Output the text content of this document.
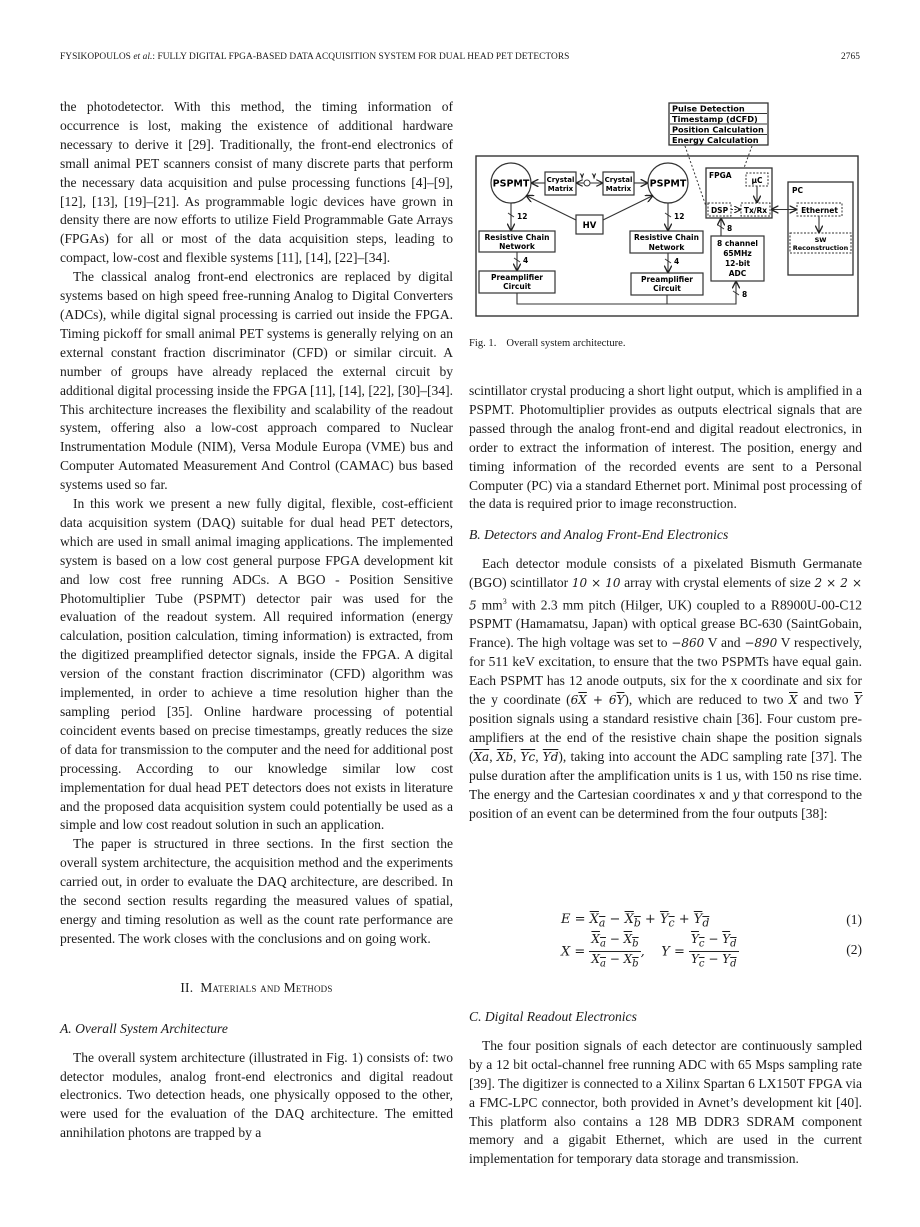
FYSIKOPOULOS et al.: FULLY DIGITAL FPGA-BASED DATA ACQUISITION SYSTEM FOR DUAL HEAD PET DETECTORS	2765

the photodetector. With this method, the timing information of occurrence is lost, making the existence of additional hardware necessary to derive it [29]. Traditionally, the front-end electronics of small animal PET scanners consist of many discrete parts that perform the necessary data acquisition and pulse processing functions [4]–[9], [12], [13], [19]–[21]. As programmable logic devices have grown in density there are now efforts to utilize Field Programmable Gate Arrays (FPGAs) for all or most of the data acquisition steps, leading to compact, low-cost and flexible systems [11], [14], [22]–[34].

The classical analog front-end electronics are replaced by digital systems based on high speed free-running Analog to Digital Converters (ADCs), while digital signal processing is carried out inside the FPGA. Timing pickoff for small animal PET systems is generally relying on an external constant fraction discriminator (CFD) or similar circuit. A number of groups have already replaced the external circuit by additional digital processing inside the FPGA [11], [14], [22], [30]–[34]. This architecture increases the flexibility and scalability of the readout system, offering also a low-cost approach compared to Nuclear Instrumentation Module (NIM), Versa Module Europa (VME) bus and Computer Automated Measurement And Control (CAMAC) bus based systems used so far.

In this work we present a new fully digital, flexible, cost-efficient data acquisition system (DAQ) suitable for dual head PET detectors, which are used in small animal imaging applications. The implemented system is based on a low cost general purpose FPGA development kit and low cost free running ADCs. A BGO - Position Sensitive Photomultiplier Tube (PSPMT) detector pair was used for the evaluation of the readout system. All required information (energy calculation, position calculation, timing information) is extracted, from the digitized preamplified detector signals, inside the FPGA. A digital version of the constant fraction discriminator (CFD) algorithm was implemented, in order to achieve a time resolution higher than the sampling period [35]. Online hardware processing of potential coincident events based on precise timestamps, greatly reduces the size of data for transmission to the computer and the need for additional post processing. According to our knowledge similar low cost implementation for dual head PET detectors does not exists in literature and the proposed data acquisition system could potentially be used as a simple and low cost readout solution in such an application.

The paper is structured in three sections. In the first section the overall system architecture, the acquisition method and the experiments carried out, in order to evaluate the DAQ architecture, are described. In the second section results regarding the measured values of spatial, energy and timing resolution as well as the count rate performance are presented. The work closes with the conclusions and on going work.

II. Materials and Methods

A. Overall System Architecture

The overall system architecture (illustrated in Fig. 1) consists of: two detector modules, analog front-end electronics and digital readout electronics. Two detection heads, one physically opposed to the other, were used for the evaluation of the DAQ architecture. The emitted annihilation photons are trapped by a

Pulse Detection
Timestamp (dCFD)
Position Calculation
Energy Calculation
PSPMT Crystal
Matrix
γ γ
Crystal
Matrix PSPMT
HV
12
Resistive Chain
Network
4
Preamplifier
Circuit
12
Resistive Chain
Network
4
Preamplifier
Circuit
8
8 channel
65MHz
12-bit
ADC
8
FPGA
μC
DSP Tx/Rx
PC
Ethernet
SW
Reconstruction
Fig. 1. Overall system architecture.

scintillator crystal producing a short light output, which is amplified in a PSPMT. Photomultiplier provides as outputs electrical signals that are passed through the analog front-end and digital readout electronics, in order to extract the information of interest. The position, energy and timing information of the recorded events are sent to a Personal Computer (PC) via a standard Ethernet port. Minimal post processing of the data is required prior to image reconstruction.

B. Detectors and Analog Front-End Electronics

Each detector module consists of a pixelated Bismuth Germanate (BGO) scintillator 10 × 10 array with crystal elements of size 2 × 2 × 5 $mm^3$ with 2.3 mm pitch (Hilger, UK) coupled to a R8900U-00-C12 PSPMT (Hamamatsu, Japan) with optical grease BC-630 (SaintGobain, France). The high voltage was set to −860 V and −890 V respectively, for 511 keV excitation, to ensure that the two PSPMTs have equal gain. Each PSPMT has 12 anode outputs, six for the x coordinate and six for the y coordinate $(6\overline{X} + 6\overline{Y})$, which are reduced to two $\overline{X}$ and two $\overline{Y}$ position signals using a standard resistive chain [36]. Four custom pre-amplifiers at the end of the resistive chain shape the position signals ($\overline{Xa}$, $\overline{Xb}$, $\overline{Yc}$, $\overline{Yd}$), taking into account the ADC sampling rate [37]. The pulse duration after the amplification units is 1 us, with 150 ns rise time. The energy and the Cartesian coordinates x and y that correspond to the position of an event can be determined from the four outputs [38]:

$E = X_a - X_b + Y_c + Y_d$	(1)
$X = \frac{X_a - X_b}{X_a - X_b}$ ,    $Y = \frac{Y_c - Y_d}{Y_c - Y_d}$	(2)

C. Digital Readout Electronics

The four position signals of each detector are continuously sampled by a 12 bit octal-channel free running ADC with 65 Msps sampling rate [39]. The digitizer is connected to a Xilinx Spartan 6 LX150T FPGA via a FMC-LPC connector, both provided in Avnet’s development kit [40]. This platform also contains a 128 MB DDR3 SDRAM component memory and a gigabit Ethernet, which are used in the current implementation for temporary data storage and transmission.
